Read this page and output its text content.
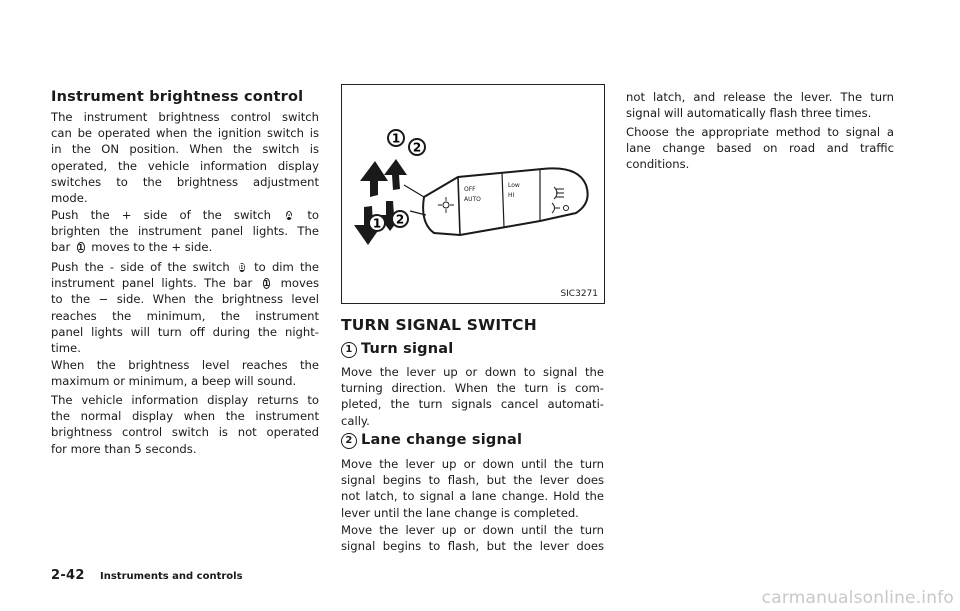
Instrument brightness control
The instrument brightness control switch
can be operated when the ignition switch is
in the ON position. When the switch is
operated, the vehicle information display
switches to the brightness adjustment
mode.
Push the + side of the switch A to
brighten the instrument panel lights. The
bar 1 moves to the + side.
Push the - side of the switch B to dim the
instrument panel lights. The bar 1 moves
to the − side. When the brightness level
reaches the minimum, the instrument
panel lights will turn off during the night-
time.
When the brightness level reaches the
maximum or minimum, a beep will sound.
The vehicle information display returns to
the normal display when the instrument
brightness control switch is not operated
for more than 5 seconds.
OFF
AUTO
Low
HI
1
2
1 2
SIC3271
TURN SIGNAL SWITCH
1 Turn signal
Move the lever up or down to signal the
turning direction. When the turn is com-
pleted, the turn signals cancel automati-
cally.
2 Lane change signal
Move the lever up or down until the turn
signal begins to flash, but the lever does
not latch, to signal a lane change. Hold the
lever until the lane change is completed.
Move the lever up or down until the turn
signal begins to flash, but the lever does
not latch, and release the lever. The turn
signal will automatically flash three times.
Choose the appropriate method to signal a
lane change based on road and traffic
conditions.
2-42 Instruments and controls
carmanualsonline.info
